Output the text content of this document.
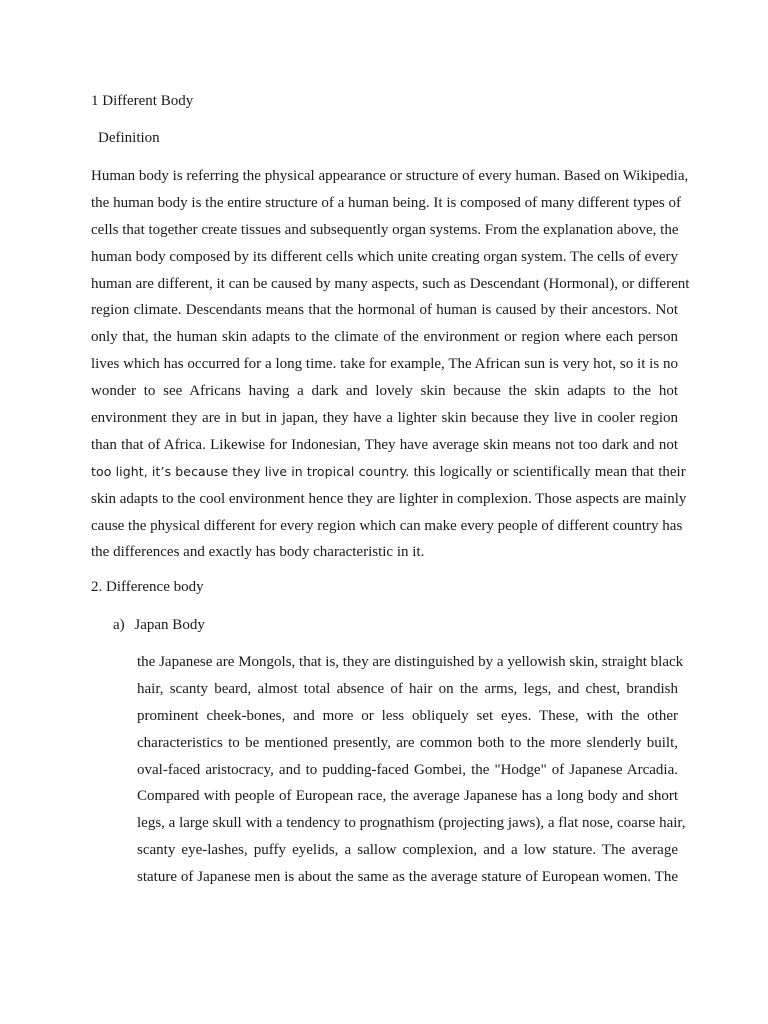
1 Different Body
Definition
Human body is referring the physical appearance or structure of every human. Based on Wikipedia,
the human body is the entire structure of a human being. It is composed of many different types of
cells that together create tissues and subsequently organ systems. From the explanation above, the
human body composed by its different cells which unite creating organ system. The cells of every
human are different, it can be caused by many aspects, such as Descendant (Hormonal), or different
region climate. Descendants means that the hormonal of human is caused by their ancestors. Not
only that, the human skin adapts to the climate of the environment or region where each person
lives which has occurred for a long time. take for example, The African sun is very hot, so it is no
wonder to see Africans having a dark and lovely skin because the skin adapts to the hot
environment they are in but in japan, they have a lighter skin because they live in cooler region
than that of Africa. Likewise for Indonesian, They have average skin means not too dark and not
too light, it’s because they live in tropical country. this logically or scientifically mean that their
skin adapts to the cool environment hence they are lighter in complexion. Those aspects are mainly
cause the physical different for every region which can make every people of different country has
the differences and exactly has body characteristic in it.
2. Difference body
a) Japan Body
the Japanese are Mongols, that is, they are distinguished by a yellowish skin, straight black
hair, scanty beard, almost total absence of hair on the arms, legs, and chest, brandish
prominent cheek-bones, and more or less obliquely set eyes. These, with the other
characteristics to be mentioned presently, are common both to the more slenderly built,
oval-faced aristocracy, and to pudding-faced Gombei, the "Hodge" of Japanese Arcadia.
Compared with people of European race, the average Japanese has a long body and short
legs, a large skull with a tendency to prognathism (projecting jaws), a flat nose, coarse hair,
scanty eye-lashes, puffy eyelids, a sallow complexion, and a low stature. The average
stature of Japanese men is about the same as the average stature of European women. The
